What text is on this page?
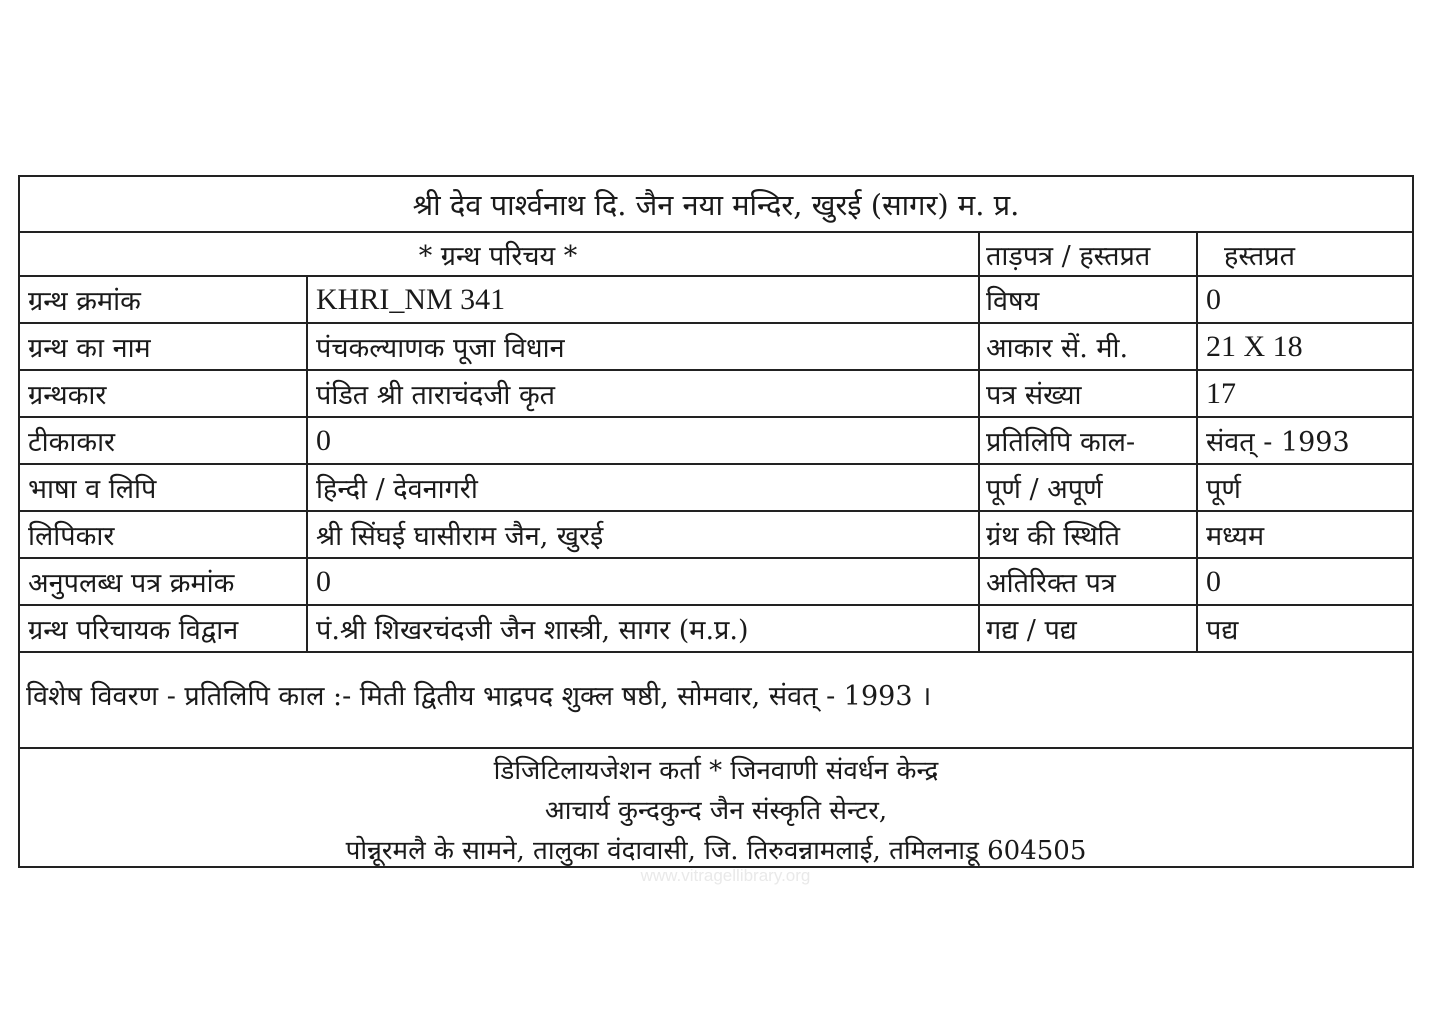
श्री देव पार्श्वनाथ दि. जैन नया मन्दिर, खुरई (सागर) म. प्र.
* ग्रन्थ परिचय *	ताड़पत्र / हस्तप्रत	हस्तप्रत
ग्रन्थ क्रमांक	KHRI_NM 341	विषय	0
ग्रन्थ का नाम	पंचकल्याणक पूजा विधान	आकार सें. मी.	21 X 18
ग्रन्थकार	पंडित श्री ताराचंदजी कृत	पत्र संख्या	17
टीकाकार	0	प्रतिलिपि काल-	संवत् - 1993
भाषा व लिपि	हिन्दी / देवनागरी	पूर्ण / अपूर्ण	पूर्ण
लिपिकार	श्री सिंघई घासीराम जैन, खुरई	ग्रंथ की स्थिति	मध्यम
अनुपलब्ध पत्र क्रमांक	0	अतिरिक्त पत्र	0
ग्रन्थ परिचायक विद्वान	पं.श्री शिखरचंदजी जैन शास्त्री, सागर (म.प्र.)	गद्य / पद्य	पद्य
विशेष विवरण - प्रतिलिपि काल :- मिती द्वितीय भाद्रपद शुक्ल षष्ठी, सोमवार, संवत् - 1993 ।
डिजिटिलायजेशन कर्ता * जिनवाणी संवर्धन केन्द्र
आचार्य कुन्दकुन्द जैन संस्कृति सेन्टर,
पोन्नूरमलै के सामने, तालुका वंदावासी, जि. तिरुवन्नामलाई, तमिलनाडू 604505
www.vitragellibrary.org
